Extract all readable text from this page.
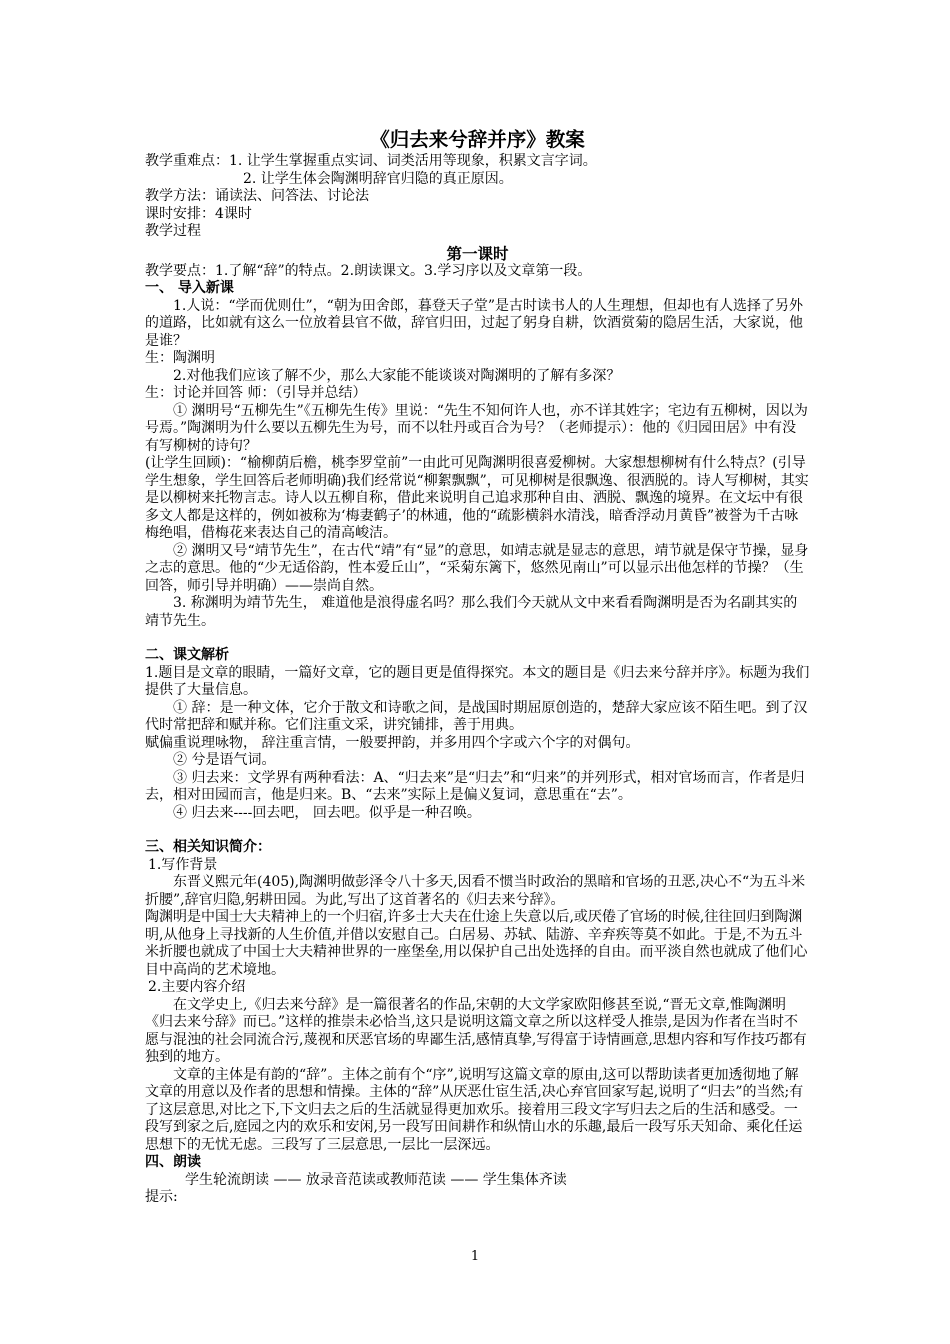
《归去来兮辞并序》教案

教学重难点：1. 让学生掌握重点实词、词类活用等现象，积累文言字词。

2. 让学生体会陶渊明辞官归隐的真正原因。

教学方法：诵读法、问答法、讨论法

课时安排：4课时

教学过程

第一课时

教学要点：1.了解“辞”的特点。2.朗读课文。3.学习序以及文章第一段。

一、 导入新课

1.人说：“学而优则仕”，“朝为田舍郎，暮登天子堂”是古时读书人的人生理想，但却也有人选择了另外的道路，比如就有这么一位放着县官不做，辞官归田，过起了躬身自耕，饮酒赏菊的隐居生活，大家说，他是谁？

生：陶渊明

2.对他我们应该了解不少，那么大家能不能谈谈对陶渊明的了解有多深？

生：讨论并回答 师：（引导并总结）

① 渊明号“五柳先生”《五柳先生传》里说：“先生不知何许人也，亦不详其姓字；宅边有五柳树，因以为号焉。”陶渊明为什么要以五柳先生为号，而不以牡丹或百合为号？（老师提示）：他的《归园田居》中有没有写柳树的诗句？

(让学生回顾)：“榆柳荫后檐，桃李罗堂前”一由此可见陶渊明很喜爱柳树。大家想想柳树有什么特点？(引导学生想象，学生回答后老师明确)我们经常说“柳絮飘飘”，可见柳树是很飘逸、很洒脱的。诗人写柳树，其实是以柳树来托物言志。诗人以五柳自称，借此来说明自己追求那种自由、洒脱、飘逸的境界。在文坛中有很多文人都是这样的，例如被称为‘梅妻鹤子’的林逋，他的“疏影横斜水清浅，暗香浮动月黄昏”被誉为千古咏梅绝唱，借梅花来表达自己的清高峻洁。

② 渊明又号“靖节先生”，在古代“靖”有“显”的意思，如靖志就是显志的意思，靖节就是保守节操，显身之志的意思。他的“少无适俗韵，性本爱丘山”，“采菊东篱下，悠然见南山”可以显示出他怎样的节操？（生回答，师引导并明确）——崇尚自然。

3. 称渊明为靖节先生， 难道他是浪得虚名吗？那么我们今天就从文中来看看陶渊明是否为名副其实的靖节先生。

二、课文解析

1.题目是文章的眼睛，一篇好文章，它的题目更是值得探究。本文的题目是《归去来兮辞并序》。标题为我们提供了大量信息。

① 辞：是一种文体，它介于散文和诗歌之间，是战国时期屈原创造的，楚辞大家应该不陌生吧。到了汉代时常把辞和赋并称。它们注重文采，讲究铺排，善于用典。

赋偏重说理咏物， 辞注重言情，一般要押韵，并多用四个字或六个字的对偶句。

② 兮是语气词。

③ 归去来：文学界有两种看法：A、“归去来”是“归去”和“归来”的并列形式，相对官场而言，作者是归去，相对田园而言，他是归来。B、“去来”实际上是偏义复词，意思重在“去”。

④ 归去来----回去吧， 回去吧。似乎是一种召唤。

三、相关知识简介：

1.写作背景

东晋义熙元年(405),陶渊明做彭泽令八十多天,因看不惯当时政治的黑暗和官场的丑恶,决心不“为五斗米折腰”,辞官归隐,躬耕田园。为此,写出了这首著名的《归去来兮辞》。

陶渊明是中国士大夫精神上的一个归宿,许多士大夫在仕途上失意以后,或厌倦了官场的时候,往往回归到陶渊明,从他身上寻找新的人生价值,并借以安慰自己。白居易、苏轼、陆游、辛弃疾等莫不如此。于是,不为五斗米折腰也就成了中国士大夫精神世界的一座堡垒,用以保护自己出处选择的自由。而平淡自然也就成了他们心目中高尚的艺术境地。

2.主要内容介绍

在文学史上,《归去来兮辞》是一篇很著名的作品,宋朝的大文学家欧阳修甚至说,“晋无文章,惟陶渊明《归去来兮辞》而已。”这样的推崇未必恰当,这只是说明这篇文章之所以这样受人推崇,是因为作者在当时不愿与混浊的社会同流合污,蔑视和厌恶官场的卑鄙生活,感情真挚,写得富于诗情画意,思想内容和写作技巧都有独到的地方。

文章的主体是有韵的“辞”。主体之前有个“序”,说明写这篇文章的原由,这可以帮助读者更加透彻地了解文章的用意以及作者的思想和情操。主体的“辞”从厌恶仕宦生活,决心弃官回家写起,说明了“归去”的当然;有了这层意思,对比之下,下文归去之后的生活就显得更加欢乐。接着用三段文字写归去之后的生活和感受。一段写到家之后,庭园之内的欢乐和安闲,另一段写田间耕作和纵情山水的乐趣,最后一段写乐天知命、乘化任运思想下的无忧无虑。三段写了三层意思,一层比一层深远。

四、朗读

学生轮流朗读 —— 放录音范读或教师范读 —— 学生集体齐读

提示:

1
